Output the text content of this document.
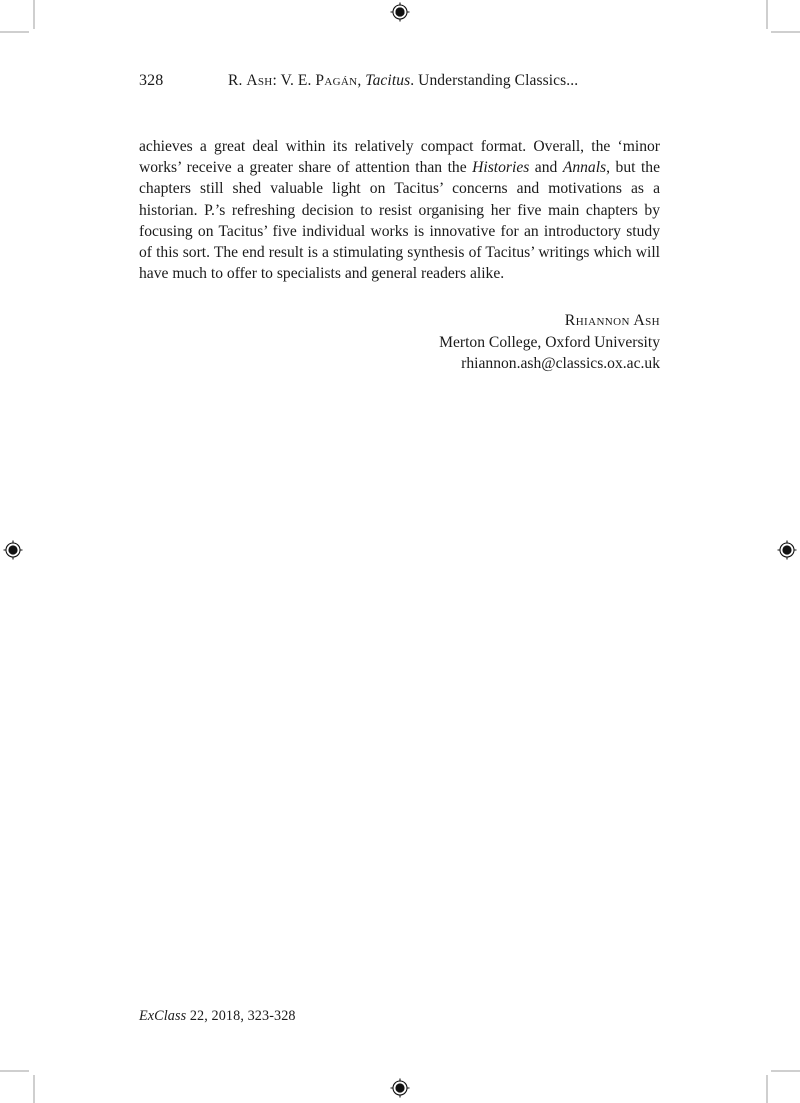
328	R. Ash: V. E. Pagán, Tacitus. Understanding Classics...

achieves a great deal within its relatively compact format. Overall, the ‘minor works’ receive a greater share of attention than the Histories and Annals, but the chapters still shed valuable light on Tacitus’ concerns and motivations as a historian. P.’s refreshing decision to resist organising her five main chapters by focusing on Tacitus’ five individual works is innovative for an introductory study of this sort. The end result is a stimulating synthesis of Tacitus’ writings which will have much to offer to specialists and general readers alike.

Rhiannon Ash
Merton College, Oxford University
rhiannon.ash@classics.ox.ac.uk
ExClass 22, 2018, 323-328
